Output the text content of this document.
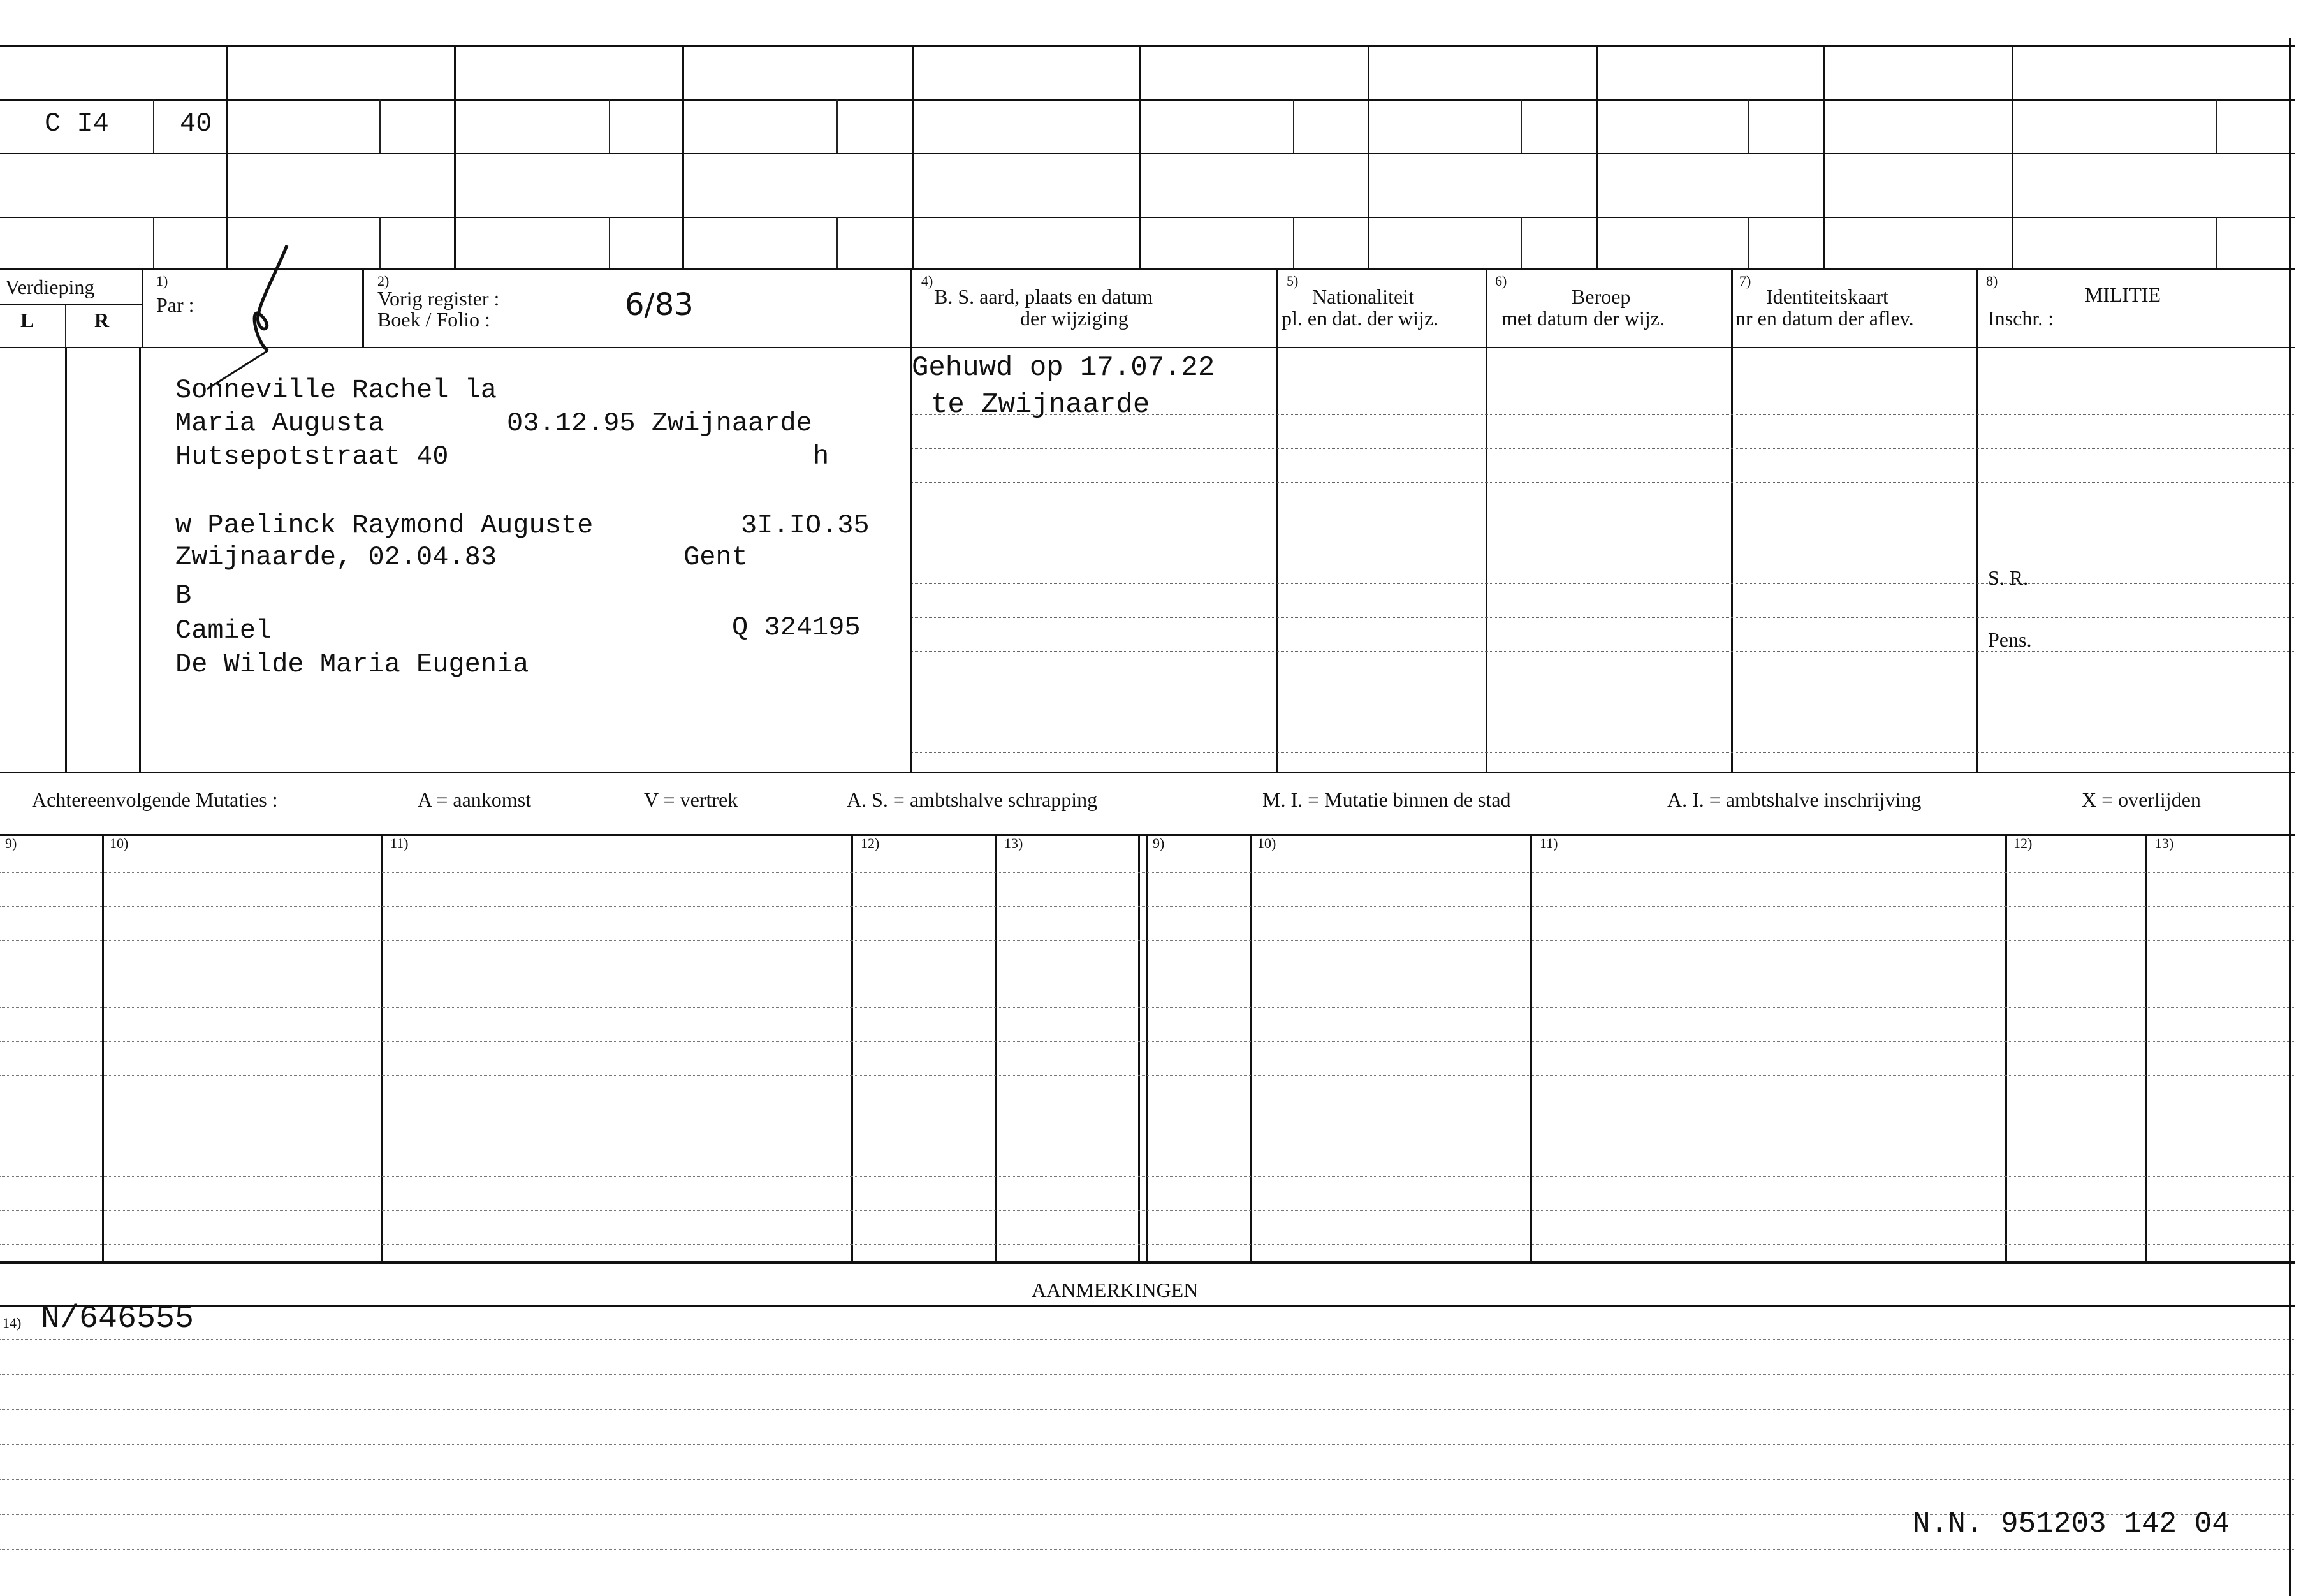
C I4	40
Verdieping
L	R
1)
Par :
2)
Vorig register :
Boek / Folio :	6/83
4)
B. S. aard, plaats en datum
der wijziging
5)
Nationaliteit
pl. en dat. der wijz.
6)
Beroep
met datum der wijz.
7)
Identiteitskaart
nr en datum der aflev.
8)
MILITIE
Inschr. :
Sonneville Rachel la
Maria Augusta	03.12.95 Zwijnaarde
Hutsepotstraat 40	h
w Paelinck Raymond Auguste	3I.IO.35
Zwijnaarde, 02.04.83	Gent
B
Camiel	Q 324195
De Wilde Maria Eugenia
Gehuwd op 17.07.22
te Zwijnaarde
S. R.
Pens.
Achtereenvolgende Mutaties :	A = aankomst	V = vertrek	A. S. = ambtshalve schrapping	M. I. = Mutatie binnen de stad	A. I. = ambtshalve inschrijving	X = overlijden
9)	10)	11)	12)	13)	9)	10)	11)	12)	13)
AANMERKINGEN
14) N/646555
N.N. 951203 142 04
